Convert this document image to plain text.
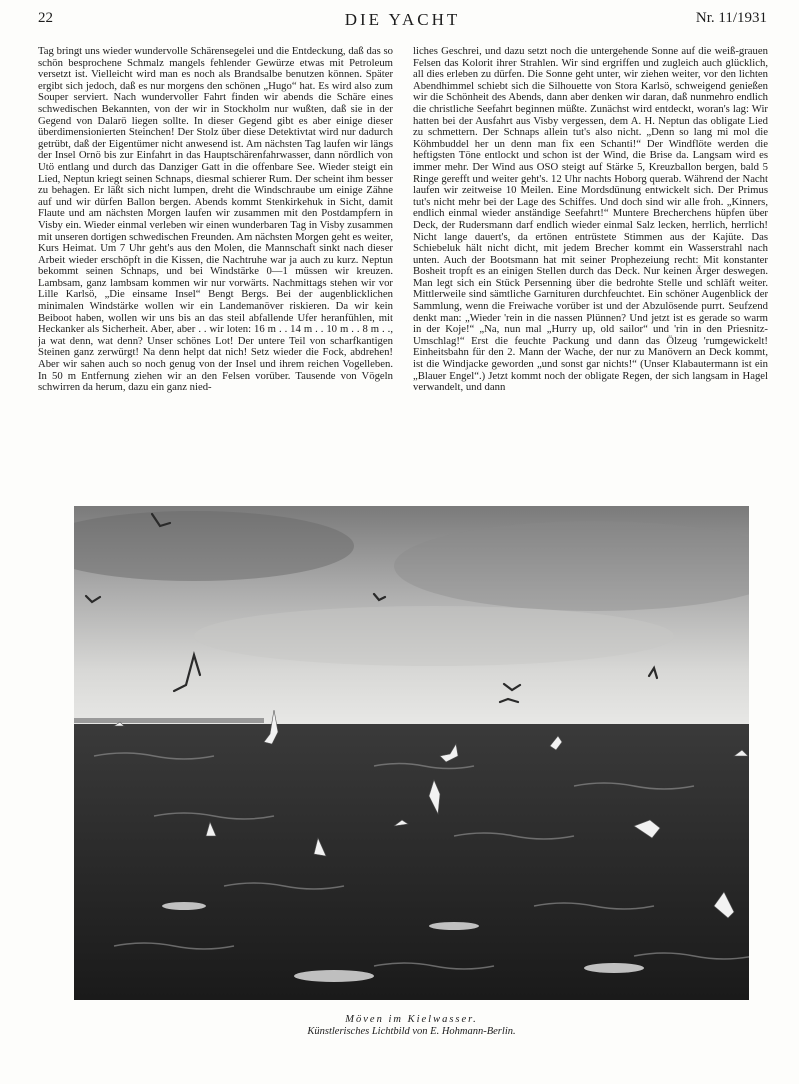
22	DIE YACHT	Nr. 11/1931
Tag bringt uns wieder wundervolle Schärensegelei und die Entdeckung, daß das so schön besprochene Schmalz mangels fehlender Gewürze etwas mit Petroleum versetzt ist. Vielleicht wird man es noch als Brandsalbe benutzen können. Später ergibt sich jedoch, daß es nur morgens den schönen „Hugo“ hat. Es wird also zum Souper serviert. Nach wundervoller Fahrt finden wir abends die Schäre eines schwedischen Bekannten, von der wir in Stockholm nur wußten, daß sie in der Gegend von Dalarö liegen sollte. In dieser Gegend gibt es aber einige dieser überdimensionierten Steinchen! Der Stolz über diese Detektivtat wird nur dadurch getrübt, daß der Eigentümer nicht anwesend ist. Am nächsten Tag laufen wir längs der Insel Ornö bis zur Einfahrt in das Hauptschärenfahrwasser, dann nördlich von Utö entlang und durch das Danziger Gatt in die offenbare See. Wieder steigt ein Lied, Neptun kriegt seinen Schnaps, diesmal schierer Rum. Der scheint ihm besser zu behagen. Er läßt sich nicht lumpen, dreht die Windschraube um einige Zähne auf und wir dürfen Ballon bergen. Abends kommt Stenkirkehuk in Sicht, damit Flaute und am nächsten Morgen laufen wir zusammen mit den Postdampfern in Visby ein. Wieder einmal verleben wir einen wunderbaren Tag in Visby zusammen mit unseren dortigen schwedischen Freunden. Am nächsten Morgen geht es weiter, Kurs Heimat. Um 7 Uhr geht's aus den Molen, die Mannschaft sinkt nach dieser Arbeit wieder erschöpft in die Kissen, die Nachtruhe war ja auch zu kurz. Neptun bekommt seinen Schnaps, und bei Windstärke 0—1 müssen wir kreuzen. Lambsam, ganz lambsam kommen wir nur vorwärts. Nachmittags stehen wir vor Lille Karlsö, „Die einsame Insel“ Bengt Bergs. Bei der augenblicklichen minimalen Windstärke wollen wir ein Landemanöver riskieren. Da wir kein Beiboot haben, wollen wir uns bis an das steil abfallende Ufer heranfühlen, mit Heckanker als Sicherheit. Aber, aber . . wir loten: 16 m . . 14 m . . 10 m . . 8 m . ., ja wat denn, wat denn? Unser schönes Lot! Der untere Teil von scharfkantigen Steinen ganz zerwürgt! Na denn helpt dat nich! Setz wieder die Fock, abdrehen! Aber wir sahen auch so noch genug von der Insel und ihrem reichen Vogelleben. In 50 m Entfernung ziehen wir an den Felsen vorüber. Tausende von Vögeln schwirren da herum, dazu ein ganz nied-
liches Geschrei, und dazu setzt noch die untergehende Sonne auf die weiß-grauen Felsen das Kolorit ihrer Strahlen. Wir sind ergriffen und zugleich auch glücklich, all dies erleben zu dürfen. Die Sonne geht unter, wir ziehen weiter, vor den lichten Abendhimmel schiebt sich die Silhouette von Stora Karlsö, schweigend genießen wir die Schönheit des Abends, dann aber denken wir daran, daß nunmehro endlich die christliche Seefahrt beginnen müßte. Zunächst wird entdeckt, woran's lag: Wir hatten bei der Ausfahrt aus Visby vergessen, dem A. H. Neptun das obligate Lied zu schmettern. Der Schnaps allein tut's also nicht. „Denn so lang mi mol die Köhmbuddel her un denn man fix een Schanti!“ Der Windflöte werden die heftigsten Töne entlockt und schon ist der Wind, die Brise da. Langsam wird es immer mehr. Der Wind aus OSO steigt auf Stärke 5, Kreuzballon bergen, bald 5 Ringe gerefft und weiter geht's. 12 Uhr nachts Hoborg querab. Während der Nacht laufen wir zeitweise 10 Meilen. Eine Mordsdünung entwickelt sich. Der Primus tut's nicht mehr bei der Lage des Schiffes. Und doch sind wir alle froh. „Kinners, endlich einmal wieder anständige Seefahrt!“ Muntere Brecherchens hüpfen über Deck, der Rudersmann darf endlich wieder einmal Salz lecken, herrlich, herrlich! Nicht lange dauert's, da ertönen entrüstete Stimmen aus der Kajüte. Das Schiebeluk hält nicht dicht, mit jedem Brecher kommt ein Wasserstrahl nach unten. Auch der Bootsmann hat mit seiner Prophezeiung recht: Mit konstanter Bosheit tropft es an einigen Stellen durch das Deck. Nur keinen Ärger deswegen. Man legt sich ein Stück Persenning über die bedrohte Stelle und schläft weiter. Mittlerweile sind sämtliche Garnituren durchfeuchtet. Ein schöner Augenblick der Sammlung, wenn die Freiwache vorüber ist und der Abzulösende purrt. Seufzend denkt man: „Wieder 'rein in die nassen Plünnen? Und jetzt ist es gerade so warm in der Koje!“ „Na, nun mal „Hurry up, old sailor“ und 'rin in den Priesnitz-Umschlag!“ Erst die feuchte Packung und dann das Ölzeug 'rumgewickelt! Einheitsbahn für den 2. Mann der Wache, der nur zu Manövern an Deck kommt, ist die Windjacke geworden „und sonst gar nichts!“ (Unser Klabautermann ist ein „Blauer Engel“.) Jetzt kommt noch der obligate Regen, der sich langsam in Hagel verwandelt, und dann
Möven im Kielwasser.
Künstlerisches Lichtbild von E. Hohmann-Berlin.
